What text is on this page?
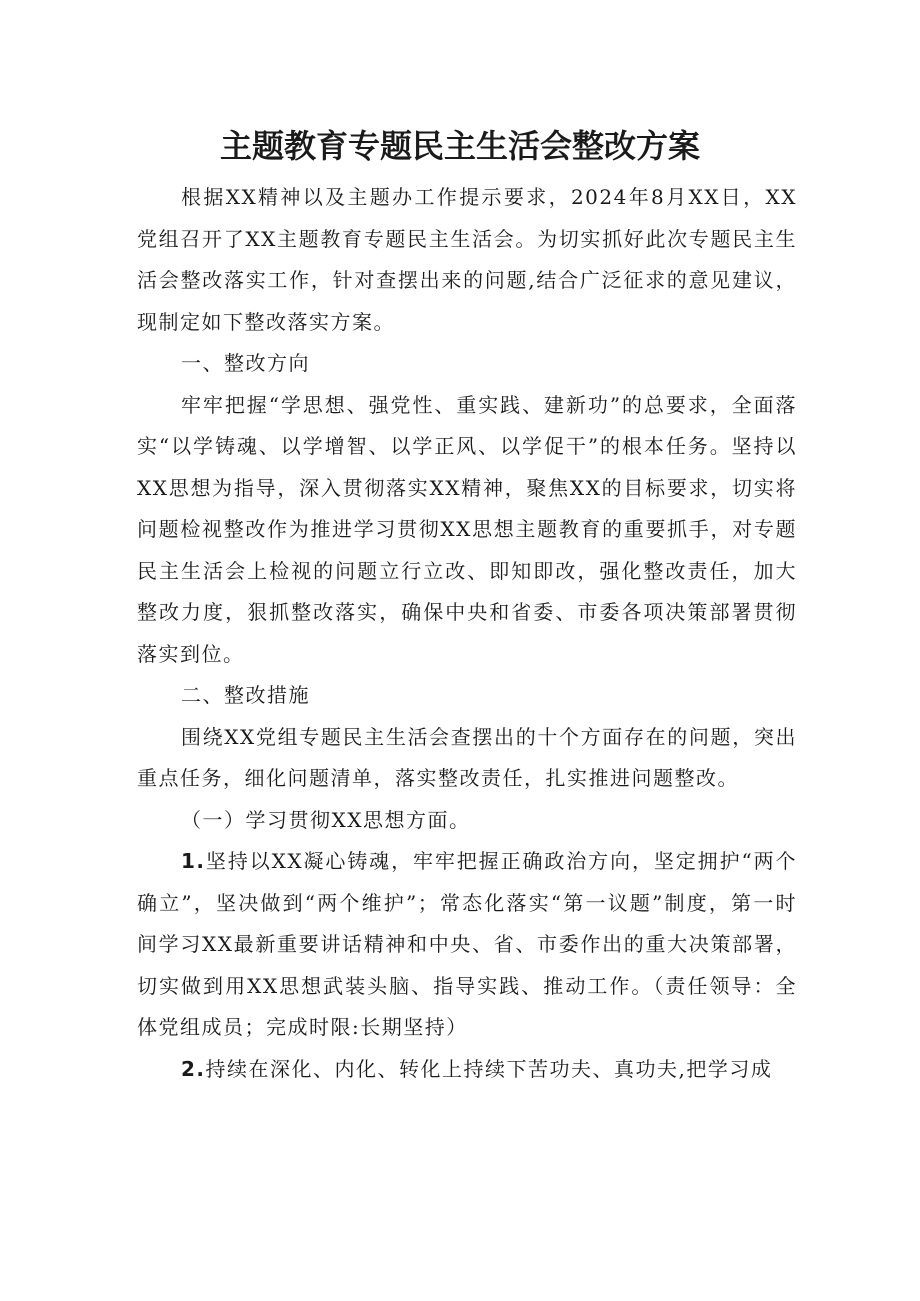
主题教育专题民主生活会整改方案

根据XX精神以及主题办工作提示要求，2024年8月XX日，XX党组召开了XX主题教育专题民主生活会。为切实抓好此次专题民主生活会整改落实工作，针对查摆出来的问题,结合广泛征求的意见建议，现制定如下整改落实方案。

一、整改方向

牢牢把握“学思想、强党性、重实践、建新功”的总要求，全面落实“以学铸魂、以学增智、以学正风、以学促干”的根本任务。坚持以XX思想为指导，深入贯彻落实XX精神，聚焦XX的目标要求，切实将问题检视整改作为推进学习贯彻XX思想主题教育的重要抓手，对专题民主生活会上检视的问题立行立改、即知即改，强化整改责任，加大整改力度，狠抓整改落实，确保中央和省委、市委各项决策部署贯彻落实到位。

二、整改措施

围绕XX党组专题民主生活会查摆出的十个方面存在的问题，突出重点任务，细化问题清单，落实整改责任，扎实推进问题整改。

（一）学习贯彻XX思想方面。

1.坚持以XX凝心铸魂，牢牢把握正确政治方向，坚定拥护“两个确立”，坚决做到“两个维护”；常态化落实“第一议题”制度，第一时间学习XX最新重要讲话精神和中央、省、市委作出的重大决策部署，切实做到用XX思想武装头脑、指导实践、推动工作。（责任领导：全体党组成员；完成时限:长期坚持）

2.持续在深化、内化、转化上持续下苦功夫、真功夫,把学习成
